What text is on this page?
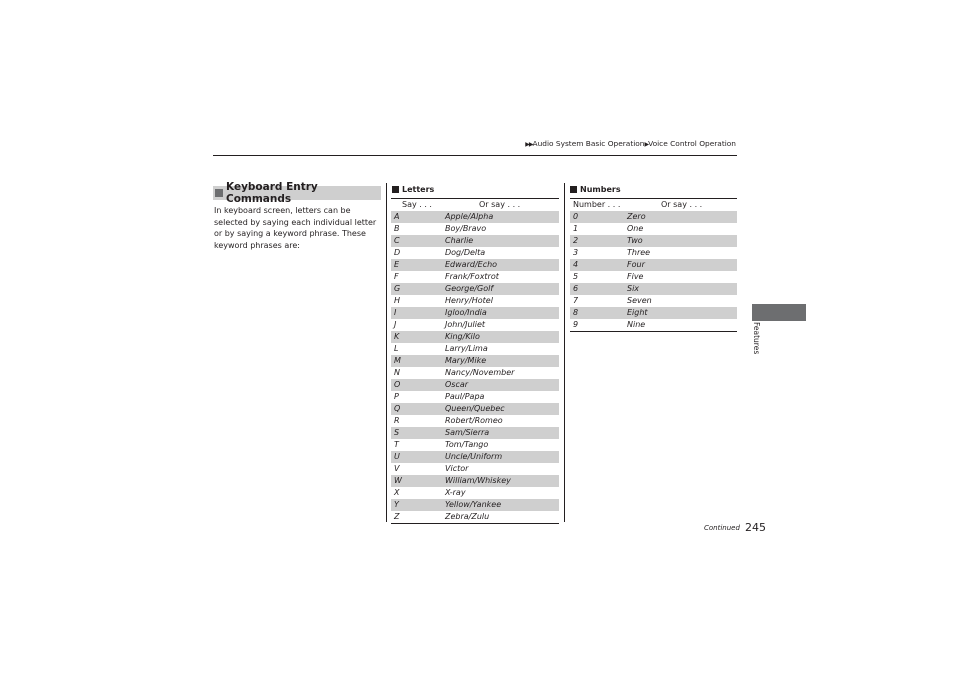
▶▶Audio System Basic Operation▶Voice Control Operation
Keyboard Entry Commands
In keyboard screen, letters can be selected by saying each individual letter or by saying a keyword phrase. These keyword phrases are:
Letters
Say . . .	Or say . . .
A	Apple/Alpha
B	Boy/Bravo
C	Charlie
D	Dog/Delta
E	Edward/Echo
F	Frank/Foxtrot
G	George/Golf
H	Henry/Hotel
I	Igloo/India
J	John/Juliet
K	King/Kilo
L	Larry/Lima
M	Mary/Mike
N	Nancy/November
O	Oscar
P	Paul/Papa
Q	Queen/Quebec
R	Robert/Romeo
S	Sam/Sierra
T	Tom/Tango
U	Uncle/Uniform
V	Victor
W	William/Whiskey
X	X-ray
Y	Yellow/Yankee
Z	Zebra/Zulu
Numbers
Number . . .	Or say . . .
0	Zero
1	One
2	Two
3	Three
4	Four
5	Five
6	Six
7	Seven
8	Eight
9	Nine	Features
Continued 245
